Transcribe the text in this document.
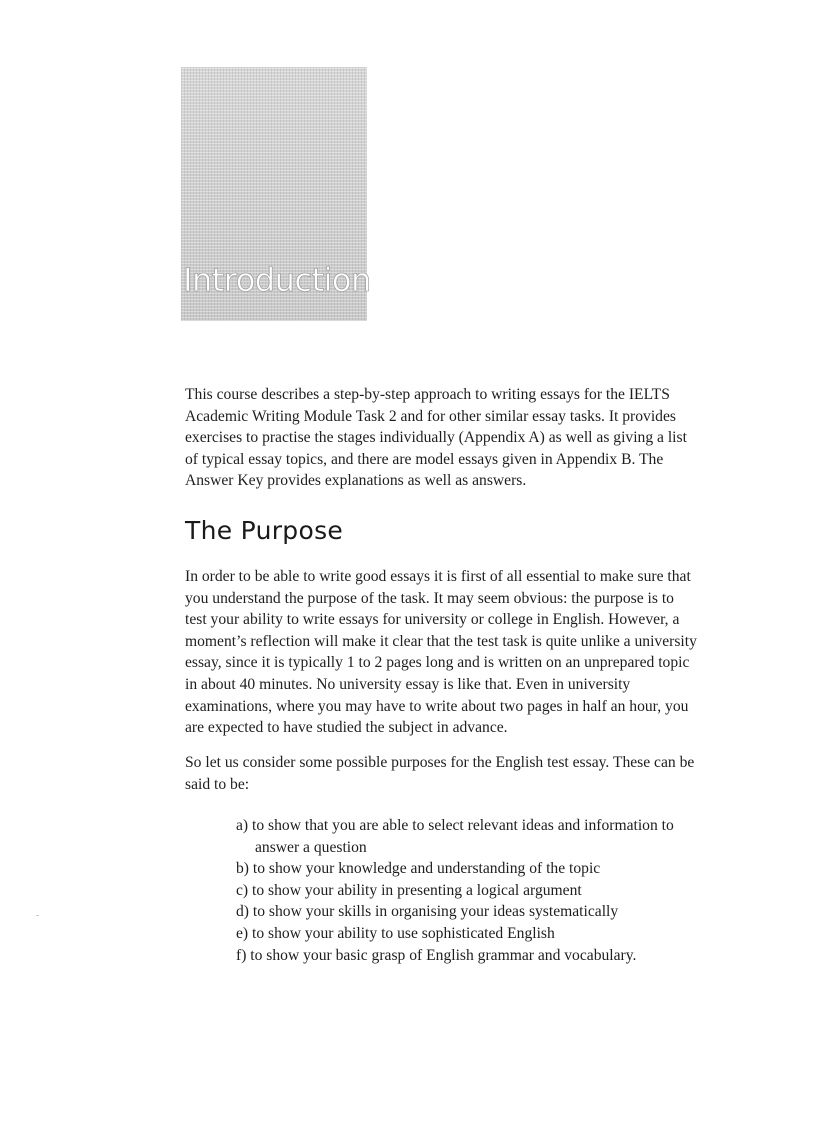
Introduction

This course describes a step-by-step approach to writing essays for the IELTS
Academic Writing Module Task 2 and for other similar essay tasks. It provides
exercises to practise the stages individually (Appendix A) as well as giving a list
of typical essay topics, and there are model essays given in Appendix B. The
Answer Key provides explanations as well as answers.

The Purpose

In order to be able to write good essays it is first of all essential to make sure that
you understand the purpose of the task. It may seem obvious: the purpose is to
test your ability to write essays for university or college in English. However, a
moment’s reflection will make it clear that the test task is quite unlike a university
essay, since it is typically 1 to 2 pages long and is written on an unprepared topic
in about 40 minutes. No university essay is like that. Even in university
examinations, where you may have to write about two pages in half an hour, you
are expected to have studied the subject in advance.

So let us consider some possible purposes for the English test essay. These can be
said to be:

a) to show that you are able to select relevant ideas and information to
answer a question
b) to show your knowledge and understanding of the topic
c) to show your ability in presenting a logical argument
d) to show your skills in organising your ideas systematically
e) to show your ability to use sophisticated English
f) to show your basic grasp of English grammar and vocabulary.
